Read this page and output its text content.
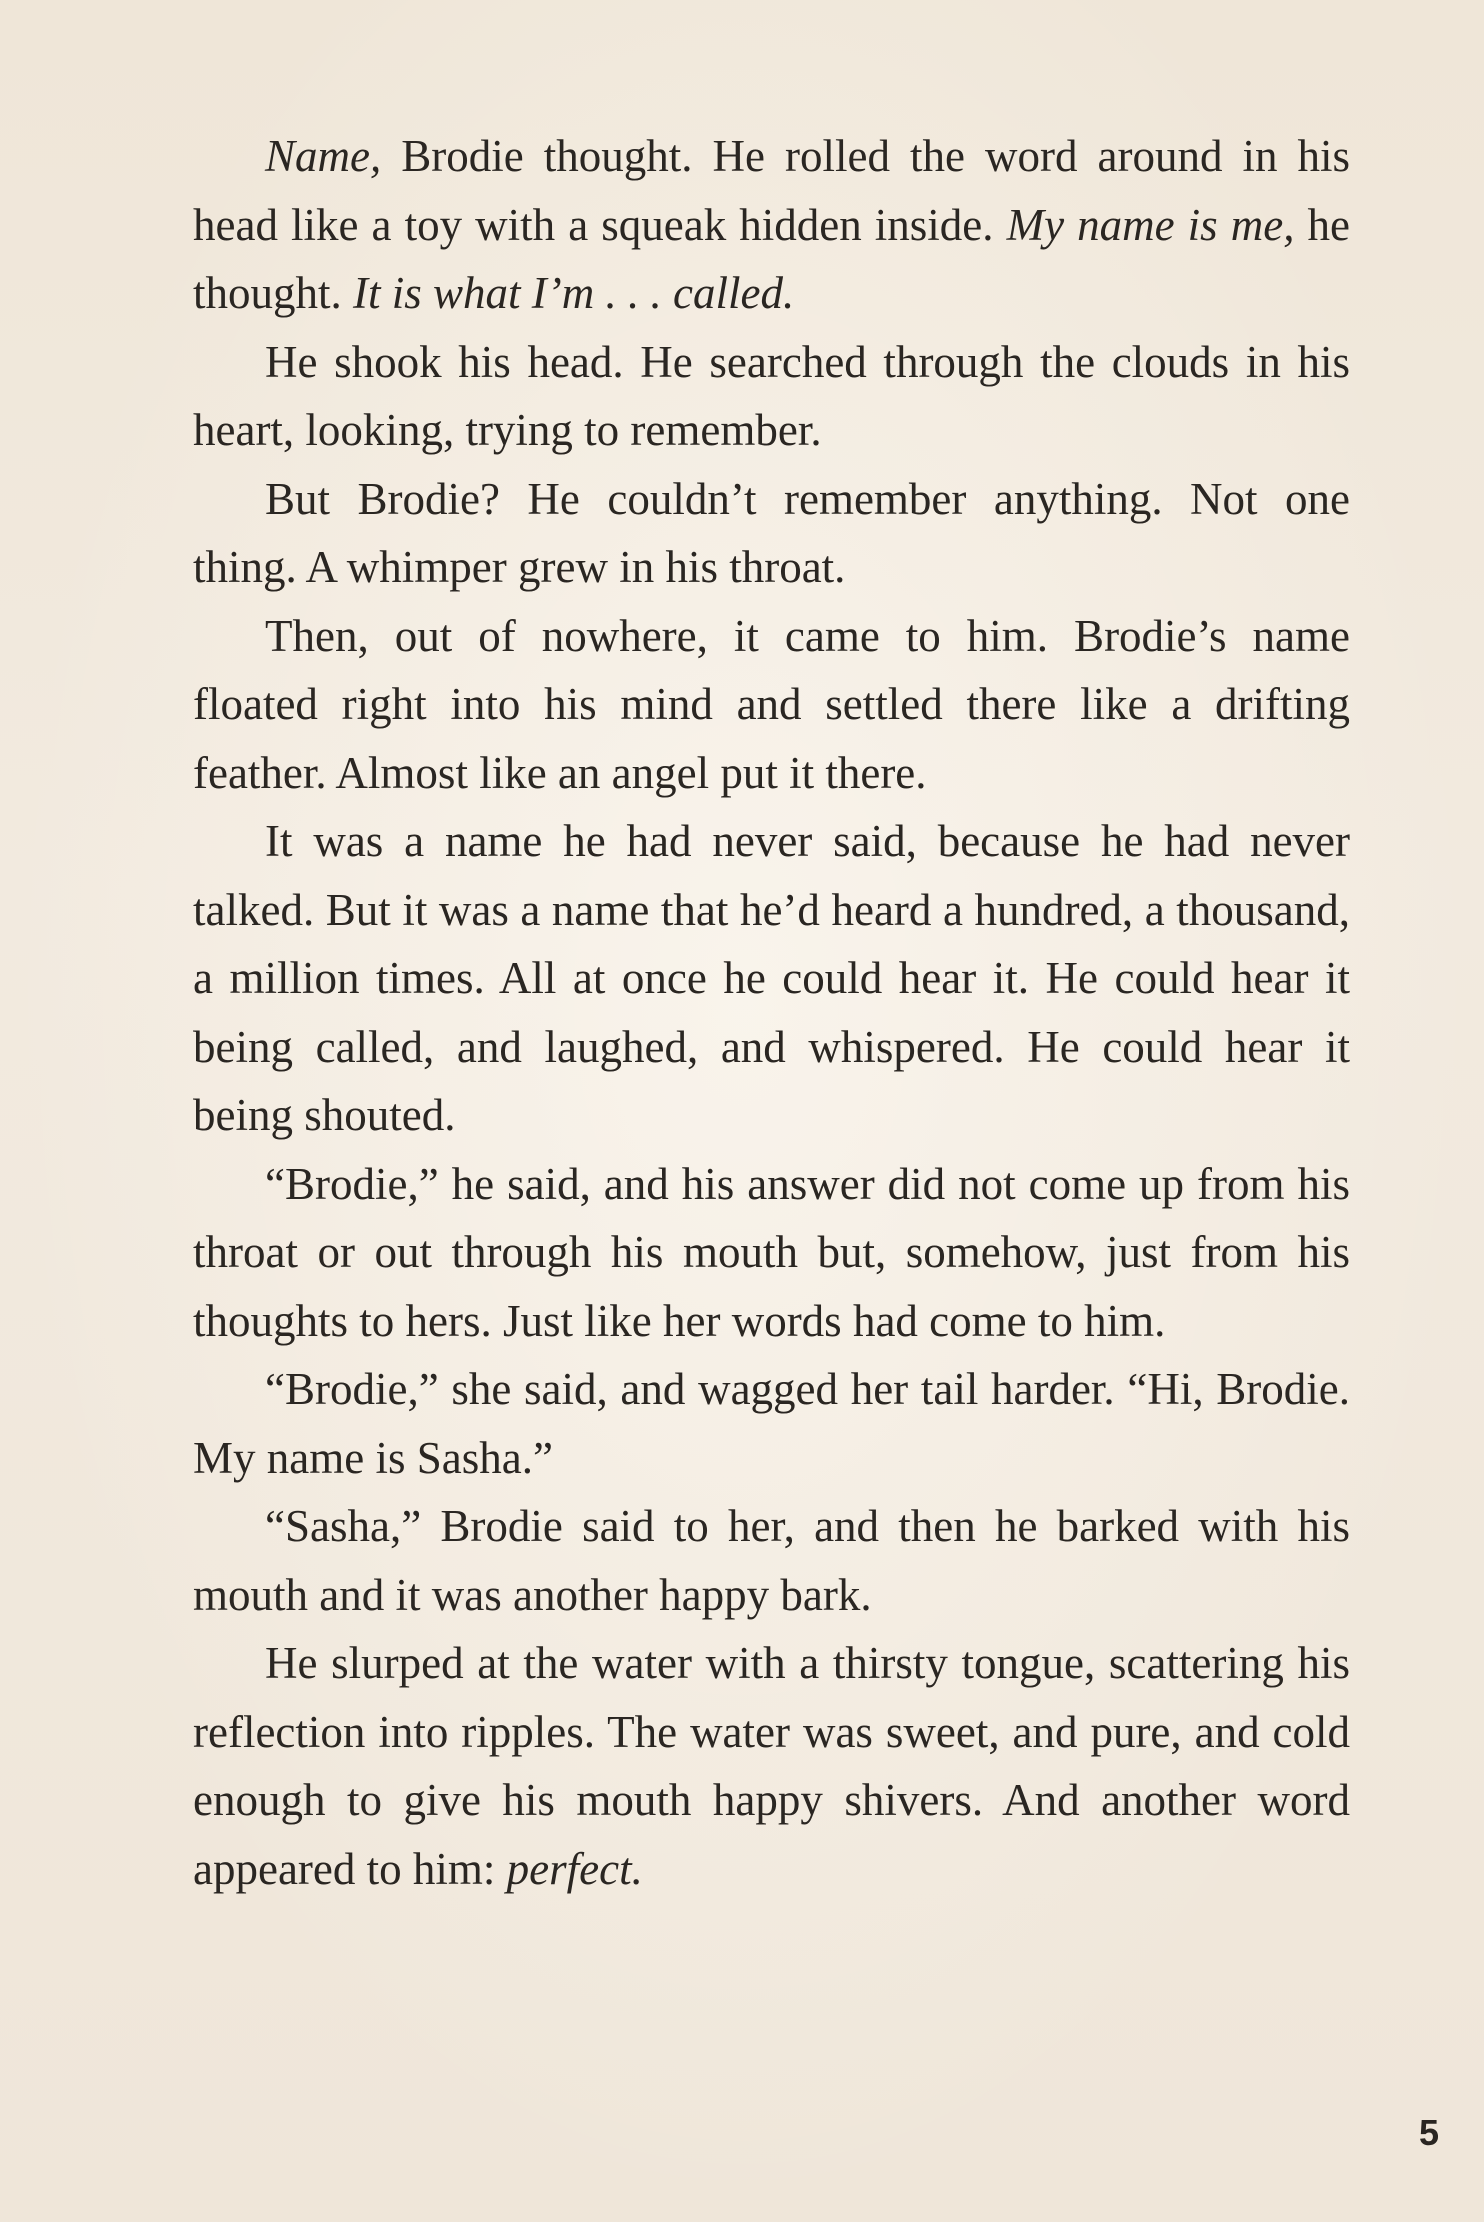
Name, Brodie thought. He rolled the word around in his head like a toy with a squeak hidden inside. My name is me, he thought. It is what I’m . . . called.

He shook his head. He searched through the clouds in his heart, looking, trying to remember.

But Brodie? He couldn’t remember anything. Not one thing. A whimper grew in his throat.

Then, out of nowhere, it came to him. Brodie’s name floated right into his mind and settled there like a drifting feather. Almost like an angel put it there.

It was a name he had never said, because he had never talked. But it was a name that he’d heard a hundred, a thousand, a million times. All at once he could hear it. He could hear it being called, and laughed, and whispered. He could hear it being shouted.

“Brodie,” he said, and his answer did not come up from his throat or out through his mouth but, somehow, just from his thoughts to hers. Just like her words had come to him.

“Brodie,” she said, and wagged her tail harder. “Hi, Brodie. My name is Sasha.”

“Sasha,” Brodie said to her, and then he barked with his mouth and it was another happy bark.

He slurped at the water with a thirsty tongue, scattering his reflection into ripples. The water was sweet, and pure, and cold enough to give his mouth happy shivers. And another word appeared to him: perfect.

5
